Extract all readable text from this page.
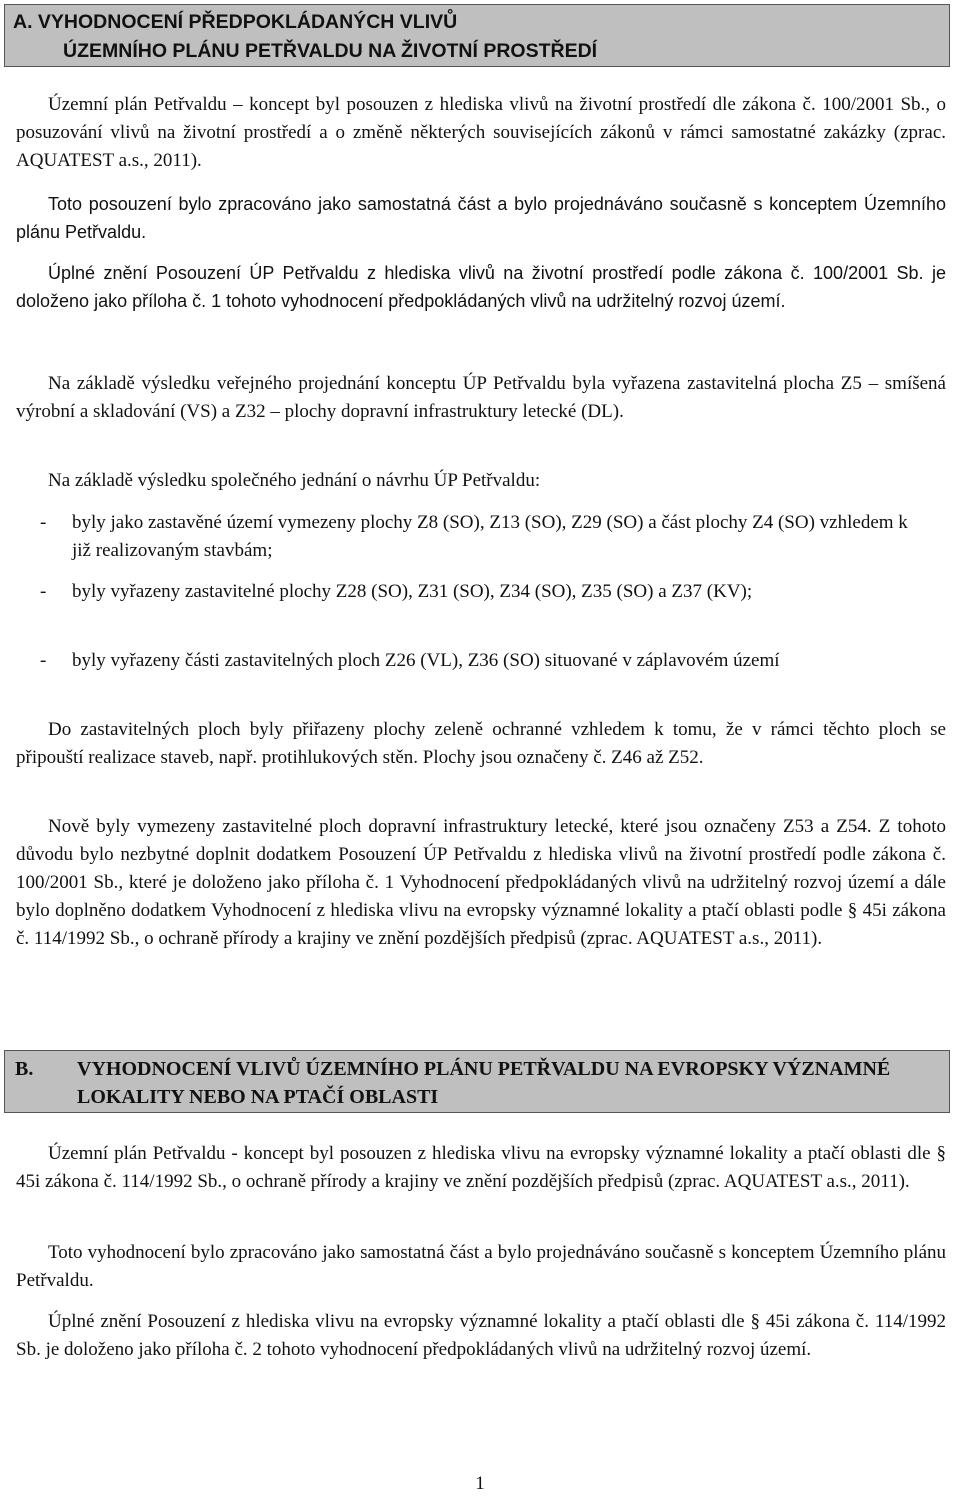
A. VYHODNOCENÍ PŘEDPOKLÁDANÝCH VLIVŮ
ÚZEMNÍHO PLÁNU PETŘVALDU NA ŽIVOTNÍ PROSTŘEDÍ

Územní plán Petřvaldu – koncept byl posouzen z hlediska vlivů na životní prostředí dle zákona č. 100/2001 Sb., o posuzování vlivů na životní prostředí a o změně některých souvisejících zákonů v rámci samostatné zakázky (zprac. AQUATEST a.s., 2011).

Toto posouzení bylo zpracováno jako samostatná část a bylo projednáváno současně s konceptem Územního plánu Petřvaldu.

Úplné znění Posouzení ÚP Petřvaldu z hlediska vlivů na životní prostředí podle zákona č. 100/2001 Sb. je doloženo jako příloha č. 1 tohoto vyhodnocení předpokládaných vlivů na udržitelný rozvoj území.

Na základě výsledku veřejného projednání konceptu ÚP Petřvaldu byla vyřazena zastavitelná plocha Z5 – smíšená výrobní a skladování (VS) a Z32 – plochy dopravní infrastruktury letecké (DL).

Na základě výsledku společného jednání o návrhu ÚP Petřvaldu:

- byly jako zastavěné území vymezeny plochy Z8 (SO), Z13 (SO), Z29 (SO) a část plochy Z4 (SO) vzhledem k již realizovaným stavbám;
- byly vyřazeny zastavitelné plochy Z28 (SO), Z31 (SO), Z34 (SO), Z35 (SO) a Z37 (KV);
- byly vyřazeny části zastavitelných ploch Z26 (VL), Z36 (SO) situované v záplavovém území

Do zastavitelných ploch byly přiřazeny plochy zeleně ochranné vzhledem k tomu, že v rámci těchto ploch se připouští realizace staveb, např. protihlukových stěn. Plochy jsou označeny č. Z46 až Z52.

Nově byly vymezeny zastavitelné ploch dopravní infrastruktury letecké, které jsou označeny Z53 a Z54. Z tohoto důvodu bylo nezbytné doplnit dodatkem Posouzení ÚP Petřvaldu z hlediska vlivů na životní prostředí podle zákona č. 100/2001 Sb., které je doloženo jako příloha č. 1 Vyhodnocení předpokládaných vlivů na udržitelný rozvoj území a dále bylo doplněno dodatkem Vyhodnocení z hlediska vlivu na evropsky významné lokality a ptačí oblasti podle § 45i zákona č. 114/1992 Sb., o ochraně přírody a krajiny ve znění pozdějších předpisů (zprac. AQUATEST a.s., 2011).

B. VYHODNOCENÍ VLIVŮ ÚZEMNÍHO PLÁNU PETŘVALDU NA EVROPSKY VÝZNAMNÉ LOKALITY NEBO NA PTAČÍ OBLASTI

Územní plán Petřvaldu - koncept byl posouzen z hlediska vlivu na evropsky významné lokality a ptačí oblasti dle § 45i zákona č. 114/1992 Sb., o ochraně přírody a krajiny ve znění pozdějších předpisů (zprac. AQUATEST a.s., 2011).

Toto vyhodnocení bylo zpracováno jako samostatná část a bylo projednáváno současně s konceptem Územního plánu Petřvaldu.

Úplné znění Posouzení z hlediska vlivu na evropsky významné lokality a ptačí oblasti dle § 45i zákona č. 114/1992 Sb. je doloženo jako příloha č. 2 tohoto vyhodnocení předpokládaných vlivů na udržitelný rozvoj území.

1
